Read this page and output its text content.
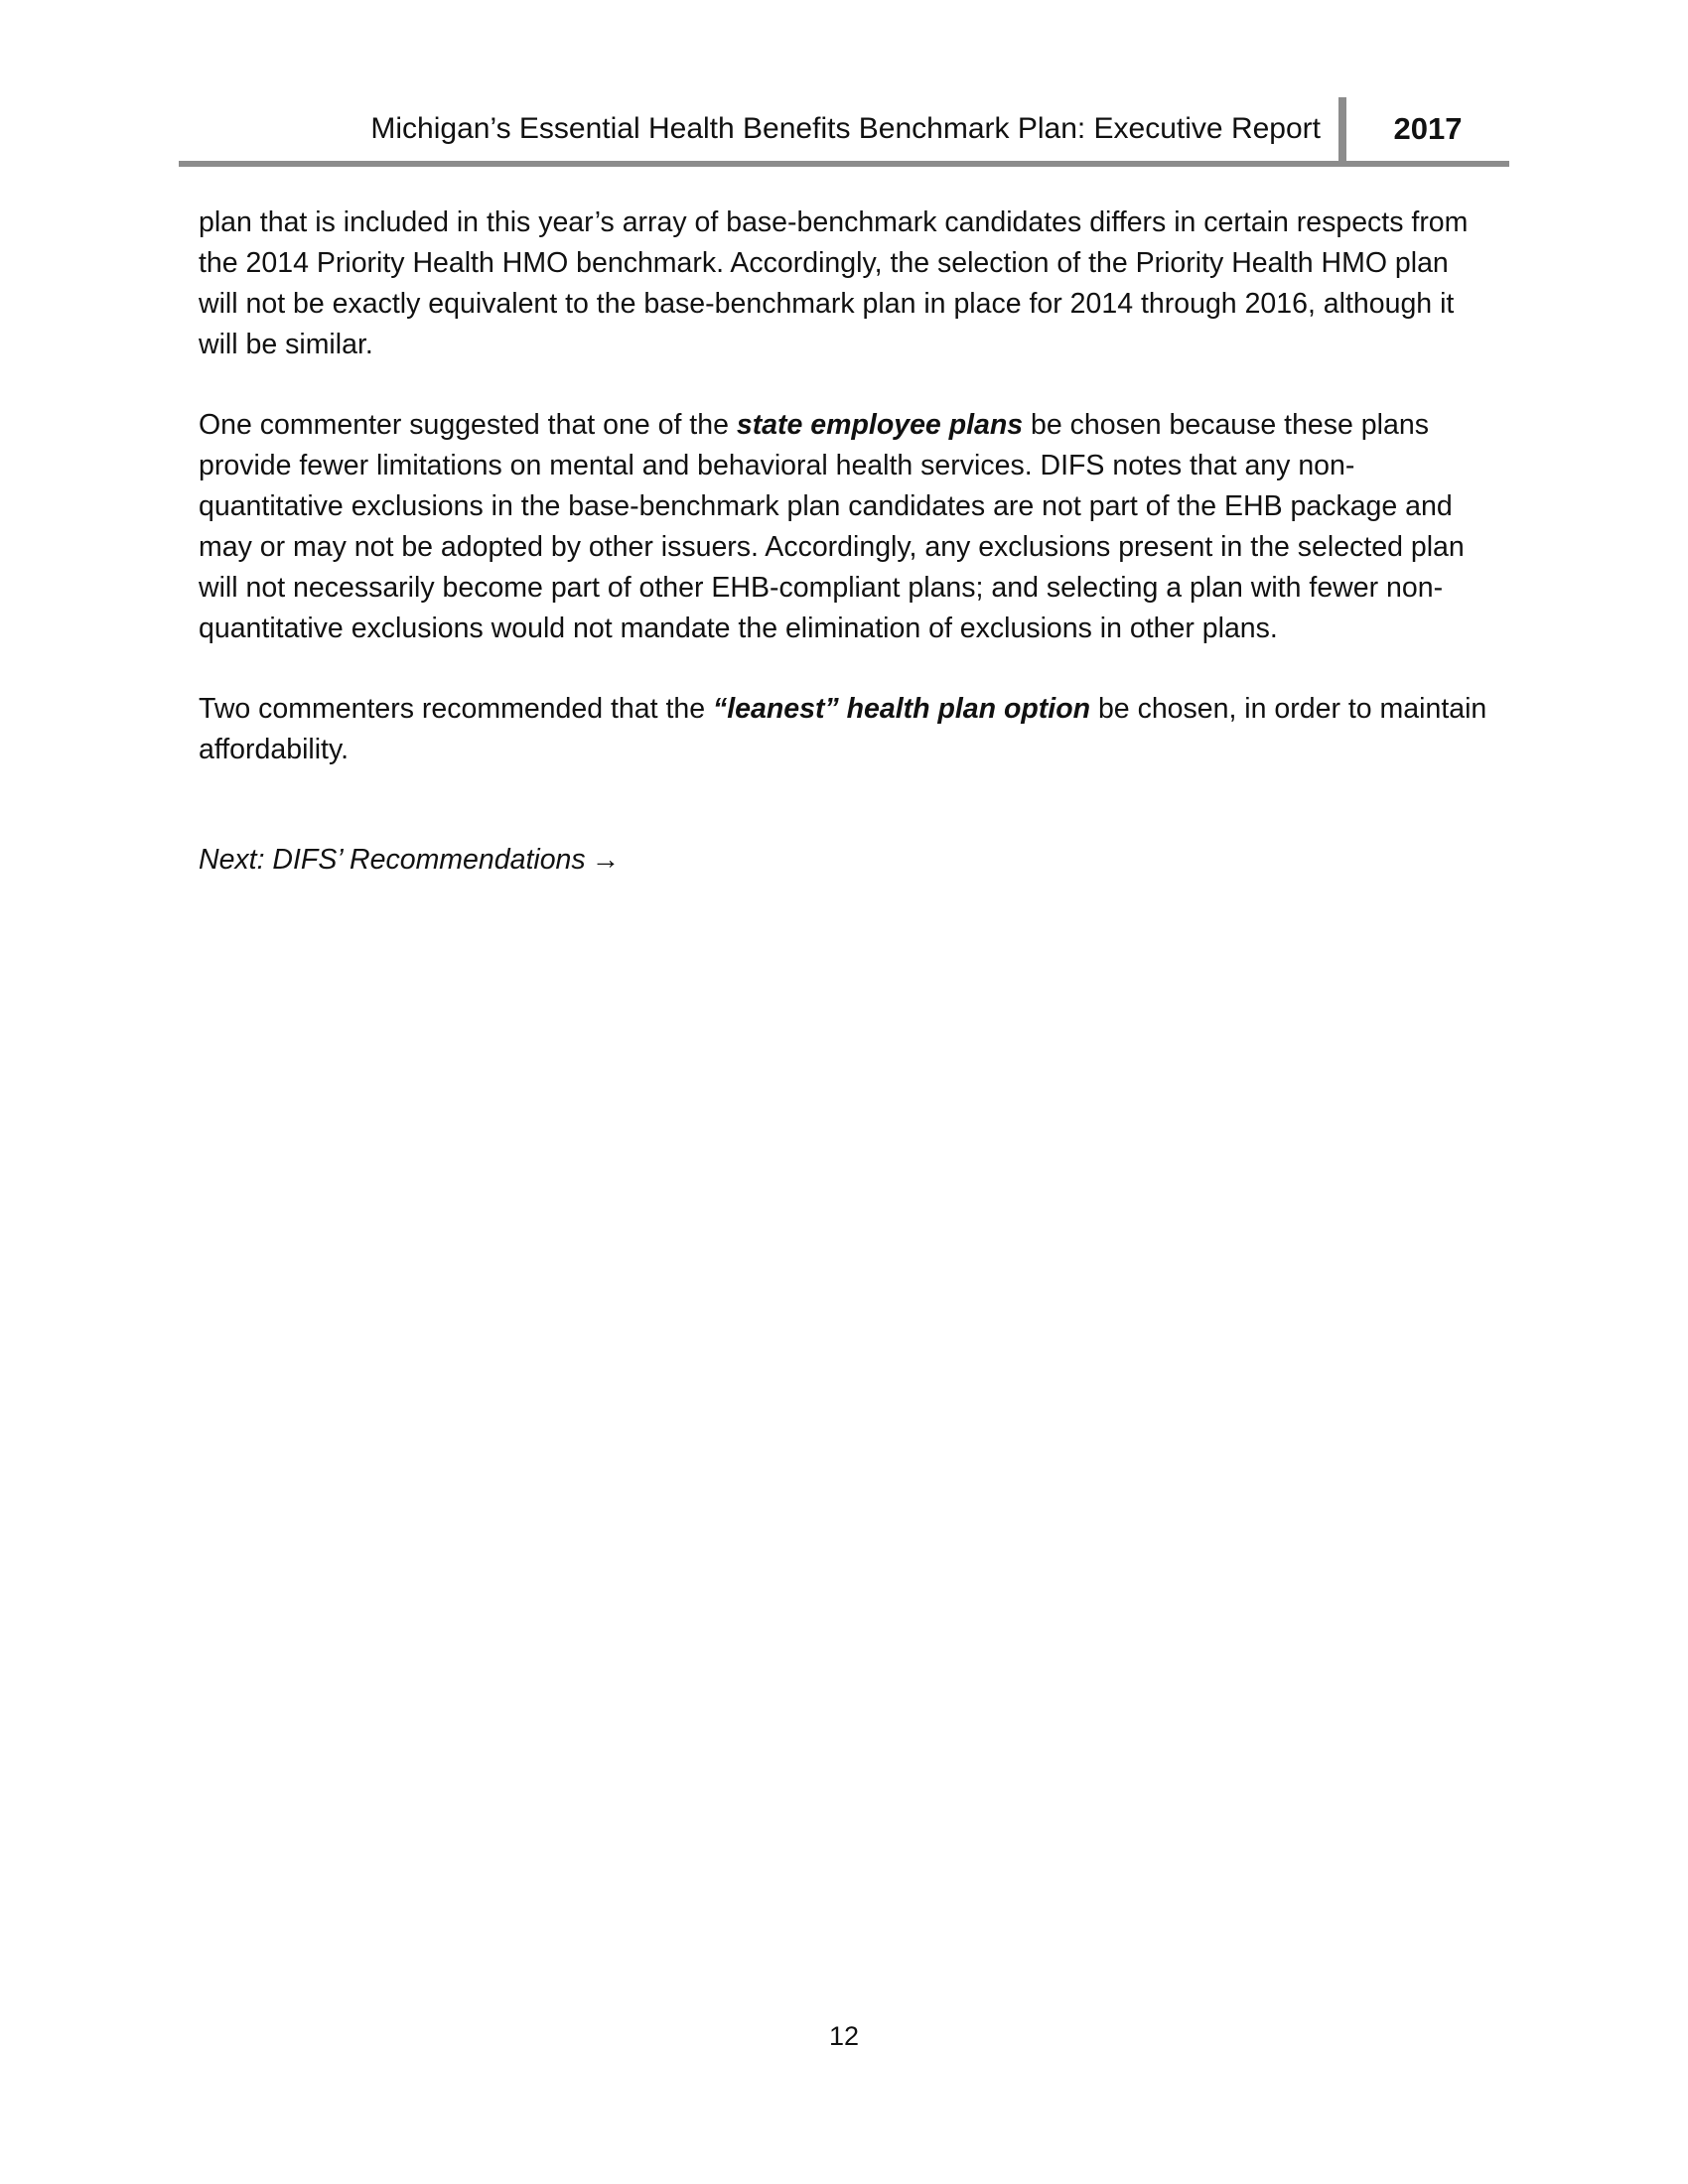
Michigan’s Essential Health Benefits Benchmark Plan: Executive Report	2017

plan that is included in this year’s array of base-benchmark candidates differs in certain respects from the 2014 Priority Health HMO benchmark. Accordingly, the selection of the Priority Health HMO plan will not be exactly equivalent to the base-benchmark plan in place for 2014 through 2016, although it will be similar.

One commenter suggested that one of the state employee plans be chosen because these plans provide fewer limitations on mental and behavioral health services. DIFS notes that any non-quantitative exclusions in the base-benchmark plan candidates are not part of the EHB package and may or may not be adopted by other issuers. Accordingly, any exclusions present in the selected plan will not necessarily become part of other EHB-compliant plans; and selecting a plan with fewer non-quantitative exclusions would not mandate the elimination of exclusions in other plans.

Two commenters recommended that the “leanest” health plan option be chosen, in order to maintain affordability.

Next: DIFS’ Recommendations →
12
